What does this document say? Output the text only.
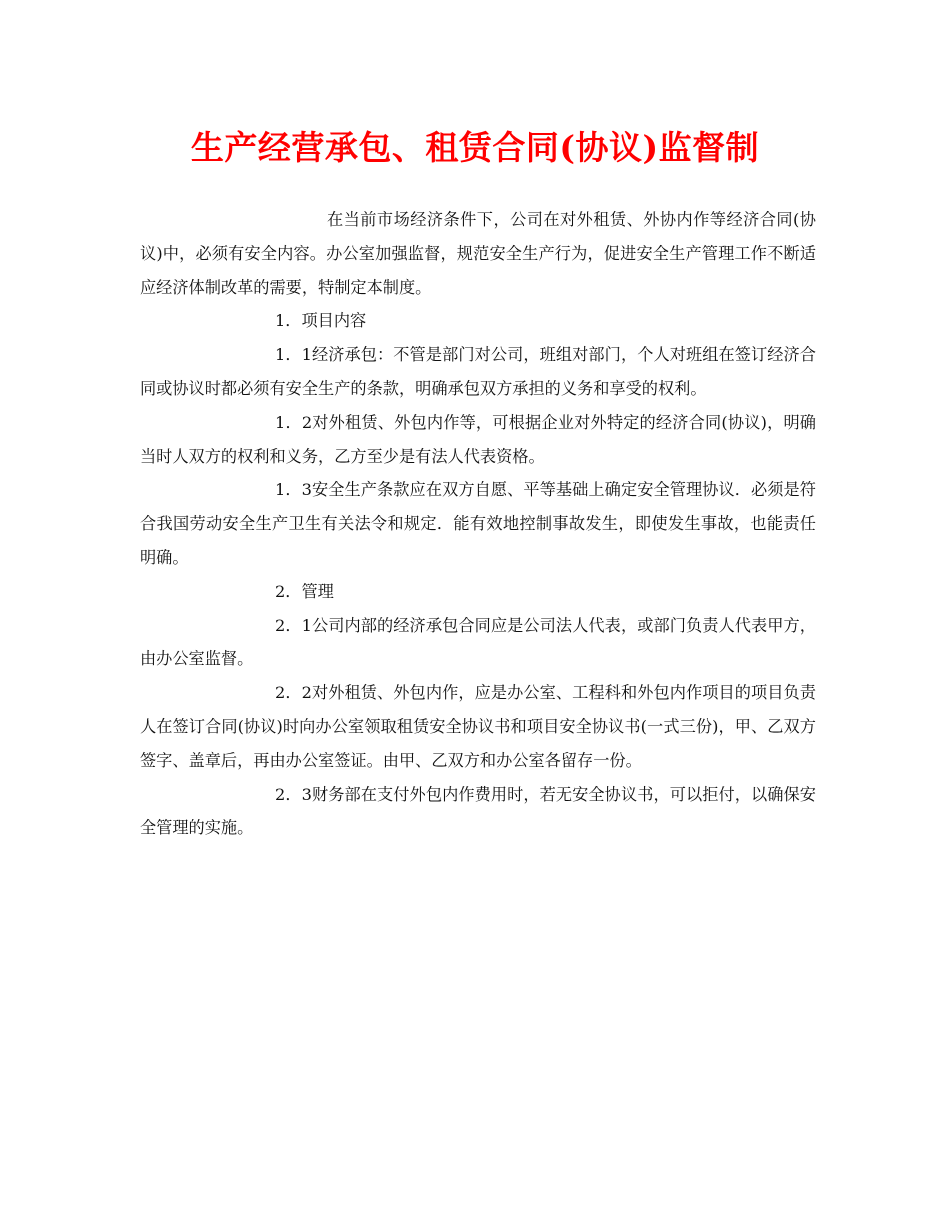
生产经营承包、租赁合同(协议)监督制

在当前市场经济条件下，公司在对外租赁、外协内作等经济合同(协议)中，必须有安全内容。办公室加强监督，规范安全生产行为，促进安全生产管理工作不断适应经济体制改革的需要，特制定本制度。

1．项目内容

1．1经济承包：不管是部门对公司，班组对部门，个人对班组在签订经济合同或协议时都必须有安全生产的条款，明确承包双方承担的义务和享受的权利。

1．2对外租赁、外包内作等，可根据企业对外特定的经济合同(协议)，明确当时人双方的权利和义务，乙方至少是有法人代表资格。

1．3安全生产条款应在双方自愿、平等基础上确定安全管理协议．必须是符合我国劳动安全生产卫生有关法令和规定．能有效地控制事故发生，即使发生事故，也能责任明确。

2．管理

2．1公司内部的经济承包合同应是公司法人代表，或部门负责人代表甲方，由办公室监督。

2．2对外租赁、外包内作，应是办公室、工程科和外包内作项目的项目负责人在签订合同(协议)时向办公室领取租赁安全协议书和项目安全协议书(一式三份)，甲、乙双方签字、盖章后，再由办公室签证。由甲、乙双方和办公室各留存一份。

2．3财务部在支付外包内作费用时，若无安全协议书，可以拒付，以确保安全管理的实施。
